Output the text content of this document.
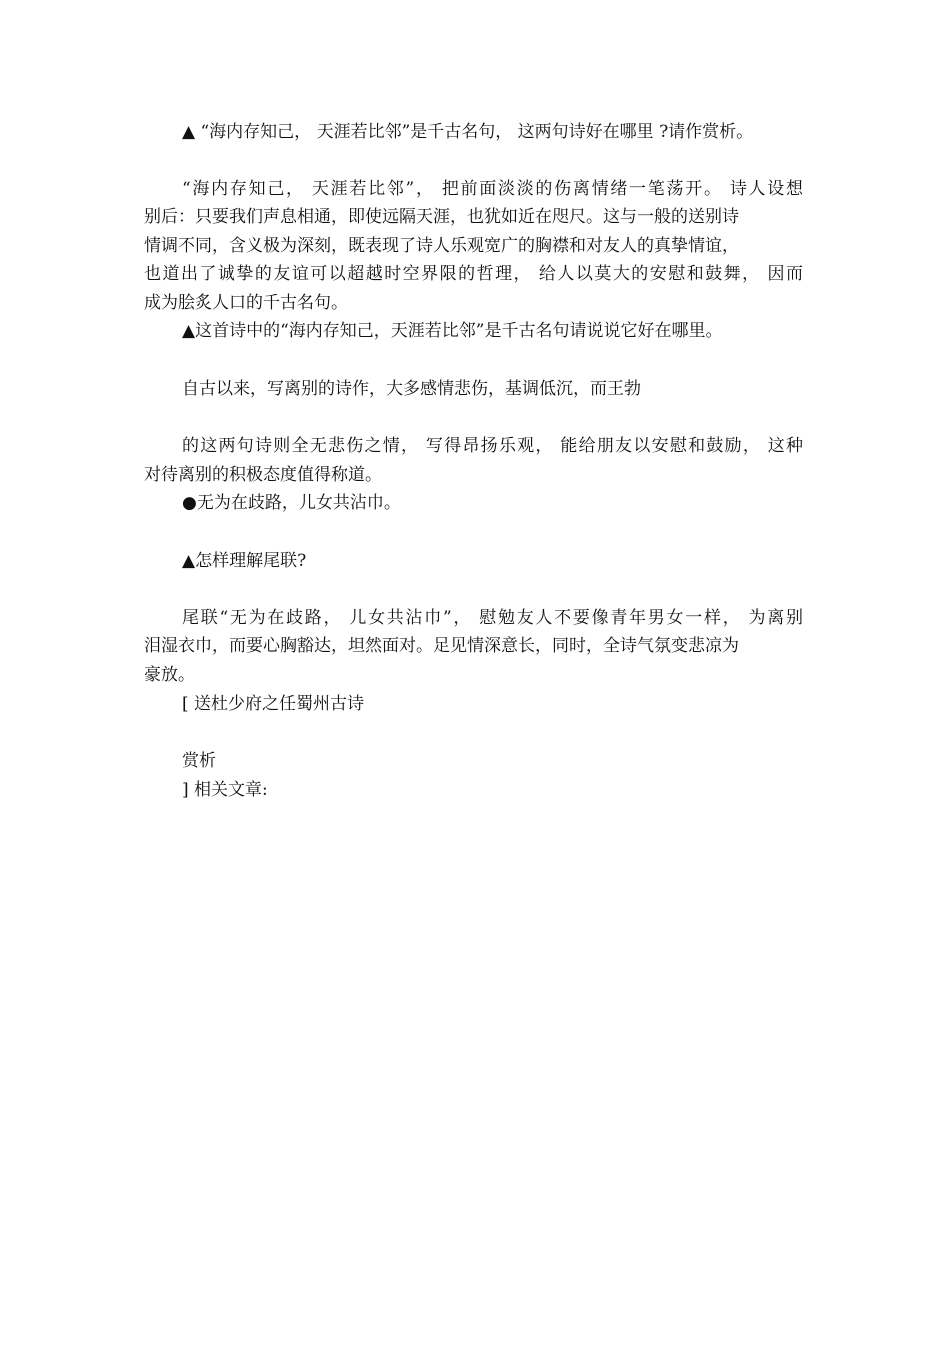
▲ “海内存知己， 天涯若比邻”是千古名句， 这两句诗好在哪里 ?请作赏析。
“海内存知己， 天涯若比邻”， 把前面淡淡的伤离情绪一笔荡开。 诗人设想
别后：只要我们声息相通，即使远隔天涯，也犹如近在咫尺。这与一般的送别诗
情调不同，含义极为深刻，既表现了诗人乐观宽广的胸襟和对友人的真挚情谊，
也道出了诚挚的友谊可以超越时空界限的哲理， 给人以莫大的安慰和鼓舞， 因而
成为脍炙人口的千古名句。
▲这首诗中的“海内存知己，天涯若比邻”是千古名句请说说它好在哪里。
自古以来，写离别的诗作，大多感情悲伤，基调低沉，而王勃
的这两句诗则全无悲伤之情， 写得昂扬乐观， 能给朋友以安慰和鼓励， 这种
对待离别的积极态度值得称道。
●无为在歧路，儿女共沾巾。
▲怎样理解尾联?
尾联“无为在歧路， 儿女共沾巾”， 慰勉友人不要像青年男女一样， 为离别
泪湿衣巾，而要心胸豁达，坦然面对。足见情深意长，同时，全诗气氛变悲凉为
豪放。
[ 送杜少府之任蜀州古诗
赏析
] 相关文章:
